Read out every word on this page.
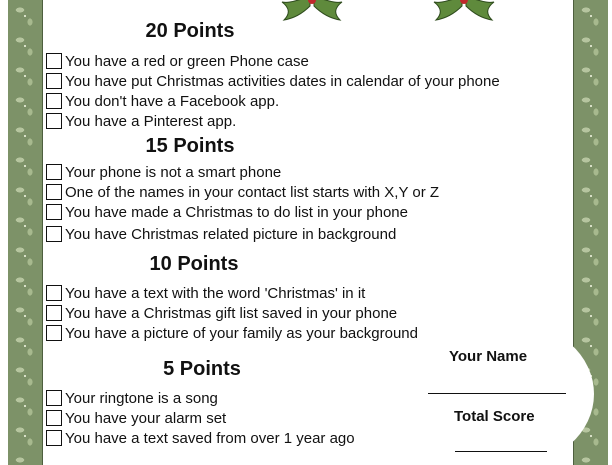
20 Points
You have a red or green Phone case
You have put Christmas activities dates in calendar of your phone
You don't have a Facebook app.
You have a Pinterest app.
15 Points
Your phone is not a smart phone
One of the names in your contact list starts with X,Y or Z
You have made a Christmas to do list in your phone
You have Christmas related picture in background
10 Points
You have a text with the word 'Christmas' in it
You have a Christmas gift list saved in your phone
You have a picture of your family as your background
Your Name
Total Score
5 Points
Your ringtone is a song
You have your alarm set
You have a text saved from over 1 year ago
